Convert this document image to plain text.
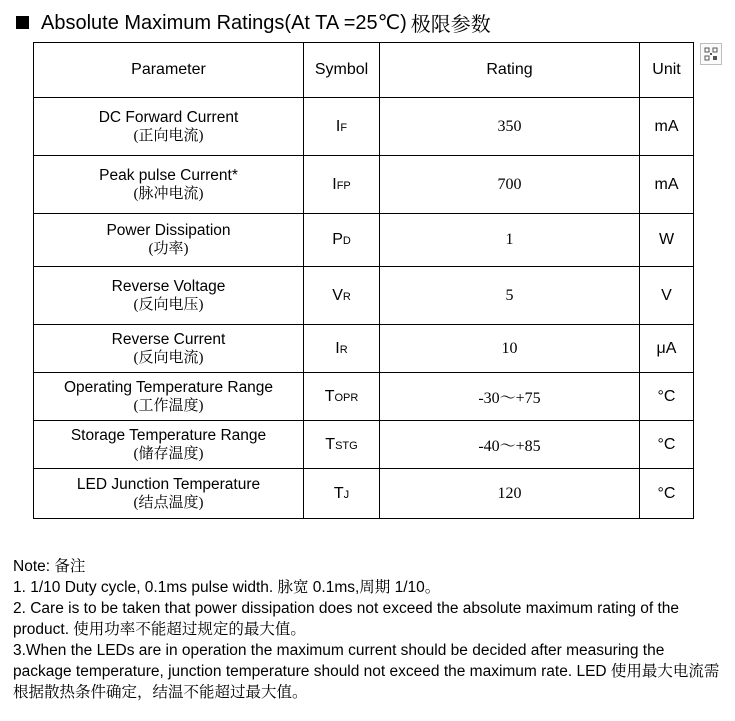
Absolute Maximum Ratings(At TA =25℃) 极限参数
Parameter	Symbol	Rating	Unit

DC Forward Current
(正向电流)	IF	350	mA

Peak pulse Current*
(脉冲电流)	IFP	700	mA

Power Dissipation
(功率)	PD	1	W

Reverse Voltage
(反向电压)	VR	5	V

Reverse Current
(反向电流)	IR	10	μA

Operating Temperature Range
(工作温度)	TOPR	-30～+75	°C

Storage Temperature Range
(储存温度)	TSTG	-40～+85	°C

LED Junction Temperature
(结点温度)	TJ	120	°C

Note: 备注

1. 1/10 Duty cycle, 0.1ms pulse width. 脉宽 0.1ms,周期 1/10。

2. Care is to be taken that power dissipation does not exceed the absolute maximum rating of the product. 使用功率不能超过规定的最大值。

3.When the LEDs are in operation the maximum current should be decided after measuring the package temperature, junction temperature should not exceed the maximum rate. LED 使用最大电流需根据散热条件确定，结温不能超过最大值。
